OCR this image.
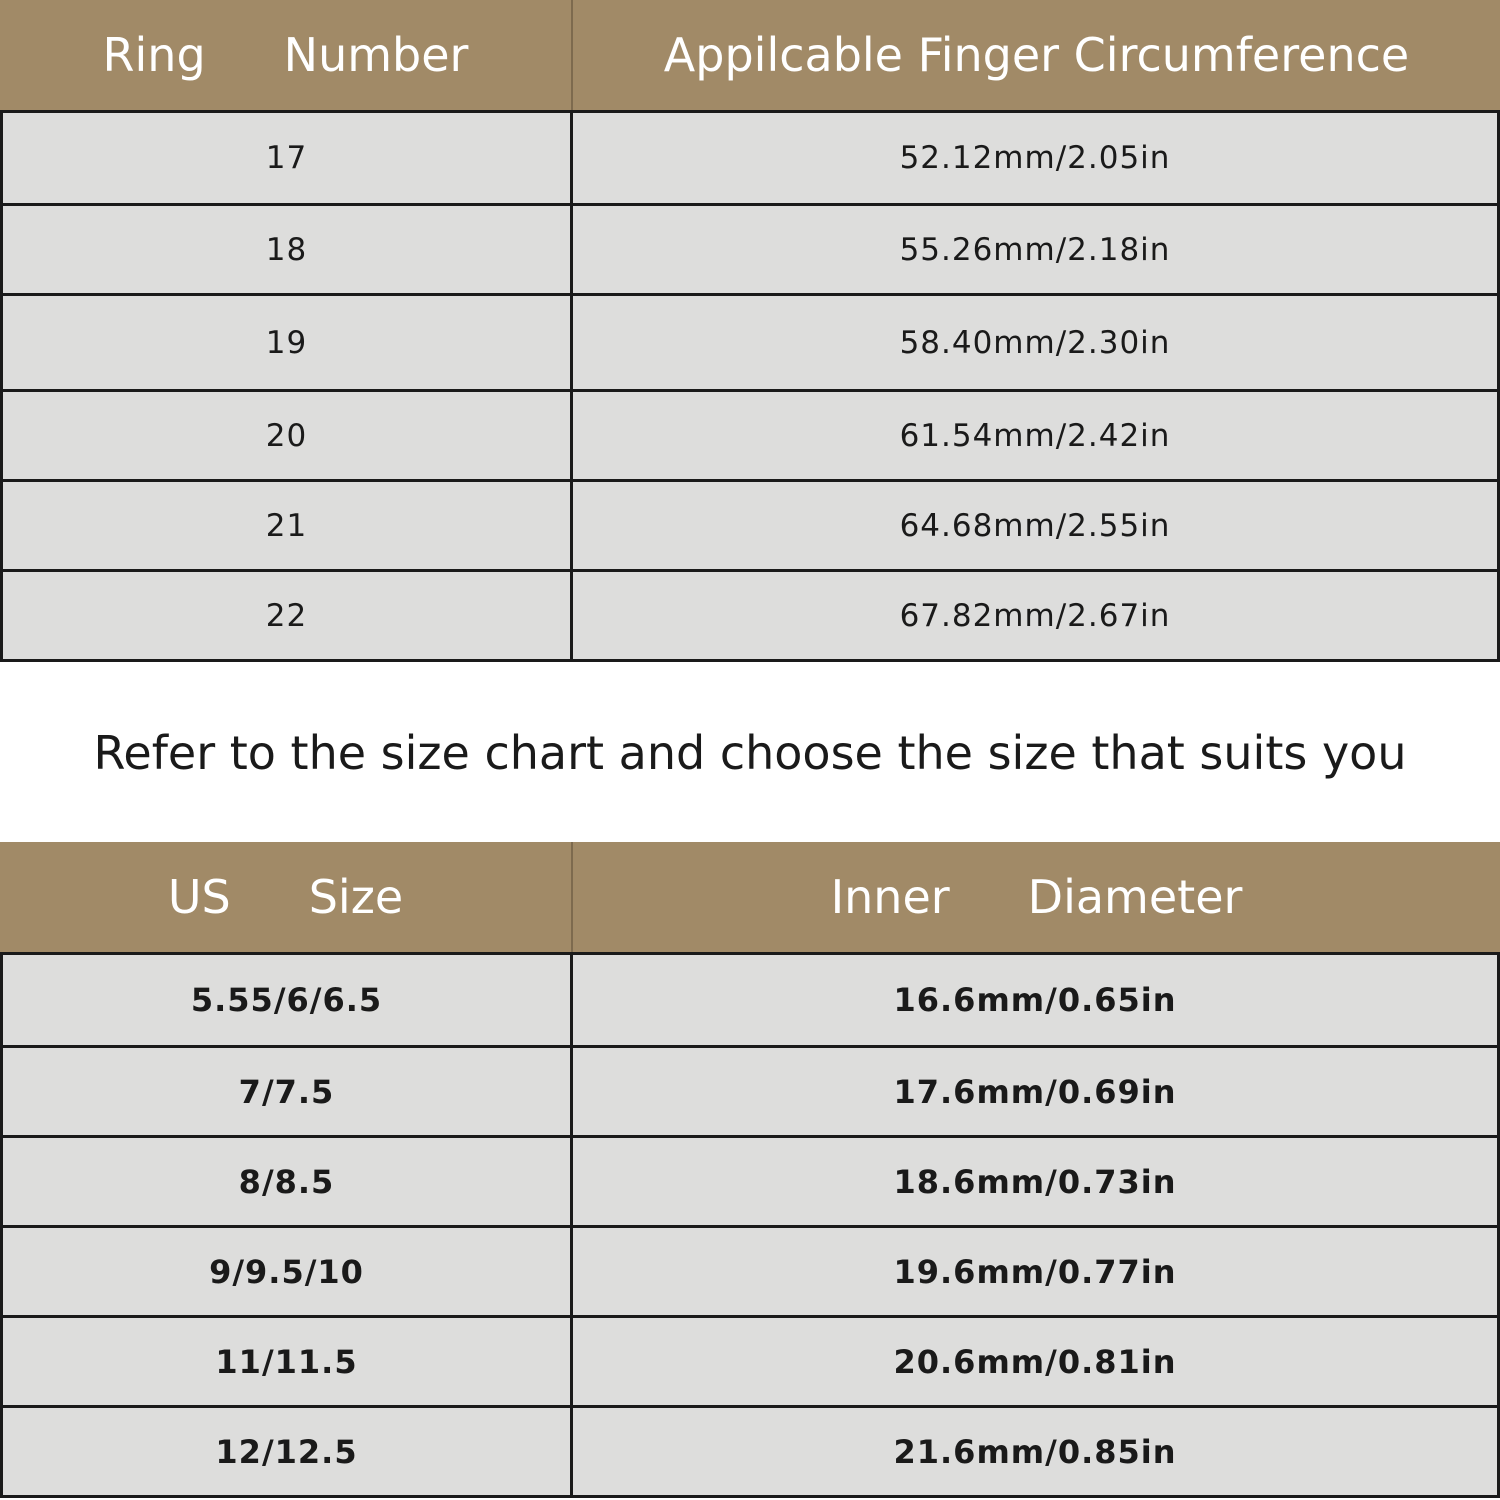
Ring Number	Appilcable Finger Circumference
17	52.12mm/2.05in
18	55.26mm/2.18in
19	58.40mm/2.30in
20	61.54mm/2.42in
21	64.68mm/2.55in
22	67.82mm/2.67in
Refer to the size chart and choose the size that suits you
US Size	Inner Diameter
5.55/6/6.5	16.6mm/0.65in
7/7.5	17.6mm/0.69in
8/8.5	18.6mm/0.73in
9/9.5/10	19.6mm/0.77in
11/11.5	20.6mm/0.81in
12/12.5	21.6mm/0.85in
